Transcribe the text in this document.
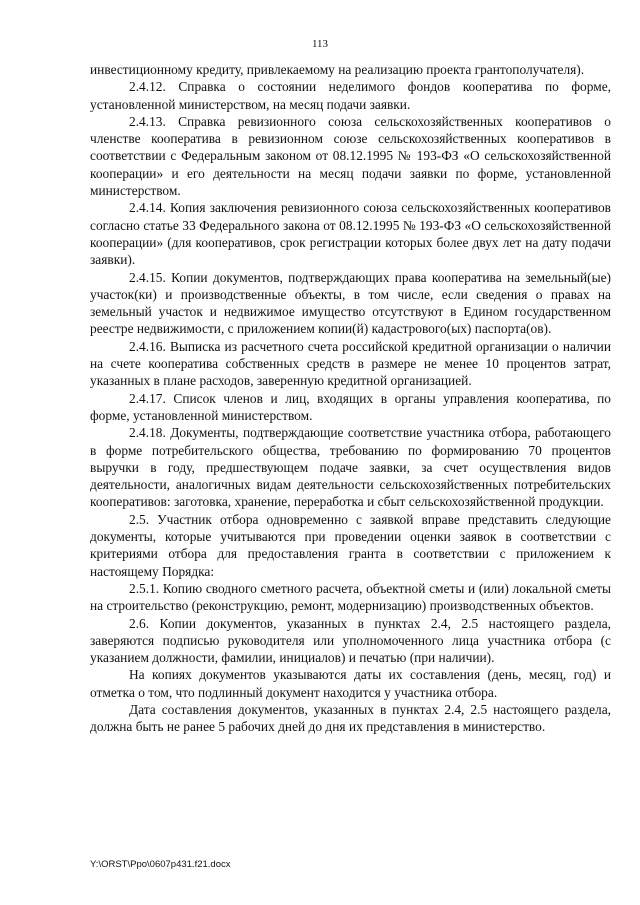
113

инвестиционному кредиту, привлекаемому на реализацию проекта грантополучателя).

2.4.12. Справка о состоянии неделимого фондов кооператива по форме, установленной министерством, на месяц подачи заявки.

2.4.13. Справка ревизионного союза сельскохозяйственных кооперативов о членстве кооператива в ревизионном союзе сельскохозяйственных кооперативов в соответствии с Федеральным законом от 08.12.1995 № 193-ФЗ «О сельскохозяйственной кооперации» и его деятельности на месяц подачи заявки по форме, установленной министерством.

2.4.14. Копия заключения ревизионного союза сельскохозяйственных кооперативов согласно статье 33 Федерального закона от 08.12.1995 № 193-ФЗ «О сельскохозяйственной кооперации» (для кооперативов, срок регистрации которых более двух лет на дату подачи заявки).

2.4.15. Копии документов, подтверждающих права кооператива на земельный(ые) участок(ки) и производственные объекты, в том числе, если сведения о правах на земельный участок и недвижимое имущество отсутствуют в Едином государственном реестре недвижимости, с приложением копии(й) кадастрового(ых) паспорта(ов).

2.4.16. Выписка из расчетного счета российской кредитной организации о наличии на счете кооператива собственных средств в размере не менее 10 процентов затрат, указанных в плане расходов, заверенную кредитной организацией.

2.4.17. Список членов и лиц, входящих в органы управления кооператива, по форме, установленной министерством.

2.4.18. Документы, подтверждающие соответствие участника отбора, работающего в форме потребительского общества, требованию по формированию 70 процентов выручки в году, предшествующем подаче заявки, за счет осуществления видов деятельности, аналогичных видам деятельности сельскохозяйственных потребительских кооперативов: заготовка, хранение, переработка и сбыт сельскохозяйственной продукции.

2.5. Участник отбора одновременно с заявкой вправе представить следующие документы, которые учитываются при проведении оценки заявок в соответствии с критериями отбора для предоставления гранта в соответствии с приложением к настоящему Порядка:

2.5.1. Копию сводного сметного расчета, объектной сметы и (или) локальной сметы на строительство (реконструкцию, ремонт, модернизацию) производственных объектов.

2.6. Копии документов, указанных в пунктах 2.4, 2.5 настоящего раздела, заверяются подписью руководителя или уполномоченного лица участника отбора (с указанием должности, фамилии, инициалов) и печатью (при наличии).

На копиях документов указываются даты их составления (день, месяц, год) и отметка о том, что подлинный документ находится у участника отбора.

Дата составления документов, указанных в пунктах 2.4, 2.5 настоящего раздела, должна быть не ранее 5 рабочих дней до дня их представления в министерство.

Y:\ORST\Ppo\0607p431.f21.docx
